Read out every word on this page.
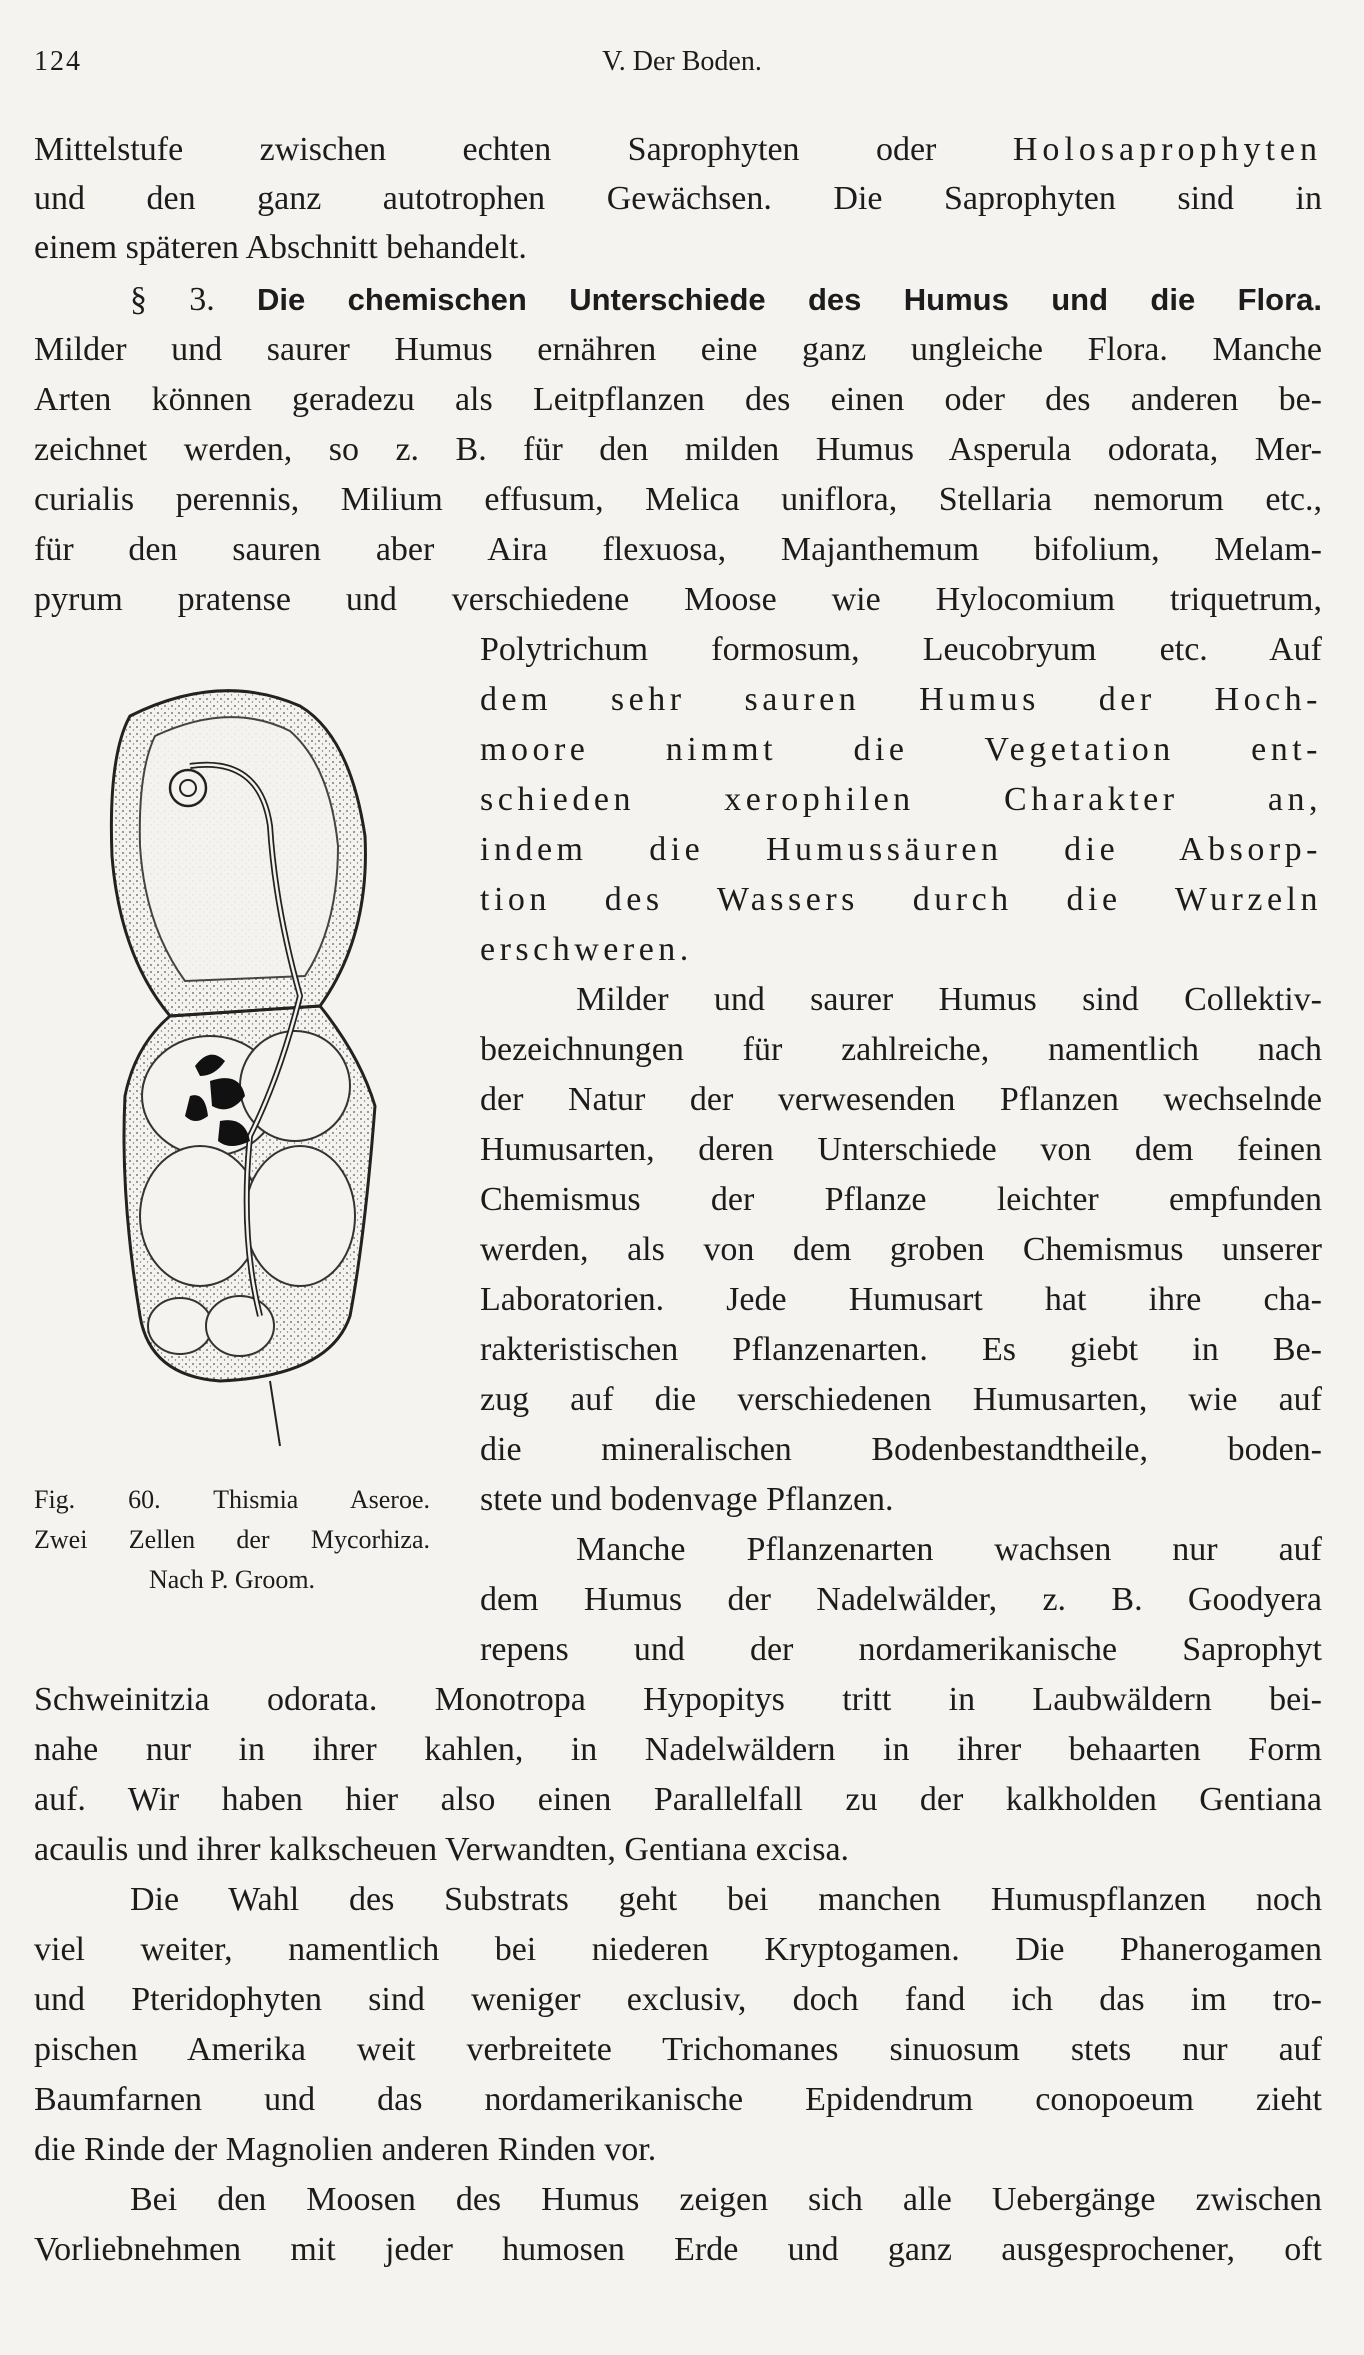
124	V. Der Boden.
Mittelstufe zwischen echten Saprophyten oder Holosaprophyten
und den ganz autotrophen Gewächsen. Die Saprophyten sind in
einem späteren Abschnitt behandelt.
§ 3. Die chemischen Unterschiede des Humus und die Flora.
Milder und saurer Humus ernähren eine ganz ungleiche Flora. Manche
Arten können geradezu als Leitpflanzen des einen oder des anderen be-
zeichnet werden, so z. B. für den milden Humus Asperula odorata, Mer-
curialis perennis, Milium effusum, Melica uniflora, Stellaria nemorum etc.,
für den sauren aber Aira flexuosa, Majanthemum bifolium, Melam-
pyrum pratense und verschiedene Moose wie Hylocomium triquetrum,
Polytrichum formosum, Leucobryum etc. Auf
dem sehr sauren Humus der Hoch-
moore nimmt die Vegetation ent-
schieden xerophilen Charakter an,
indem die Humussäuren die Absorp-
tion des Wassers durch die Wurzeln
erschweren.
Milder und saurer Humus sind Collektiv-
bezeichnungen für zahlreiche, namentlich nach
der Natur der verwesenden Pflanzen wechselnde
Humusarten, deren Unterschiede von dem feinen
Chemismus der Pflanze leichter empfunden
werden, als von dem groben Chemismus unserer
Laboratorien. Jede Humusart hat ihre cha-
rakteristischen Pflanzenarten. Es giebt in Be-
zug auf die verschiedenen Humusarten, wie auf
die mineralischen Bodenbestandtheile, boden-
stete und bodenvage Pflanzen.
Manche Pflanzenarten wachsen nur auf
dem Humus der Nadelwälder, z. B. Goodyera
repens und der nordamerikanische Saprophyt
Schweinitzia odorata. Monotropa Hypopitys tritt in Laubwäldern bei-
nahe nur in ihrer kahlen, in Nadelwäldern in ihrer behaarten Form
auf. Wir haben hier also einen Parallelfall zu der kalkholden Gentiana
acaulis und ihrer kalkscheuen Verwandten, Gentiana excisa.
Die Wahl des Substrats geht bei manchen Humuspflanzen noch
viel weiter, namentlich bei niederen Kryptogamen. Die Phanerogamen
und Pteridophyten sind weniger exclusiv, doch fand ich das im tro-
pischen Amerika weit verbreitete Trichomanes sinuosum stets nur auf
Baumfarnen und das nordamerikanische Epidendrum conopoeum zieht
die Rinde der Magnolien anderen Rinden vor.
Bei den Moosen des Humus zeigen sich alle Uebergänge zwischen
Vorliebnehmen mit jeder humosen Erde und ganz ausgesprochener, oft
Fig. 60. Thismia Aseroe.
Zwei Zellen der Mycorhiza.
Nach P. Groom.
